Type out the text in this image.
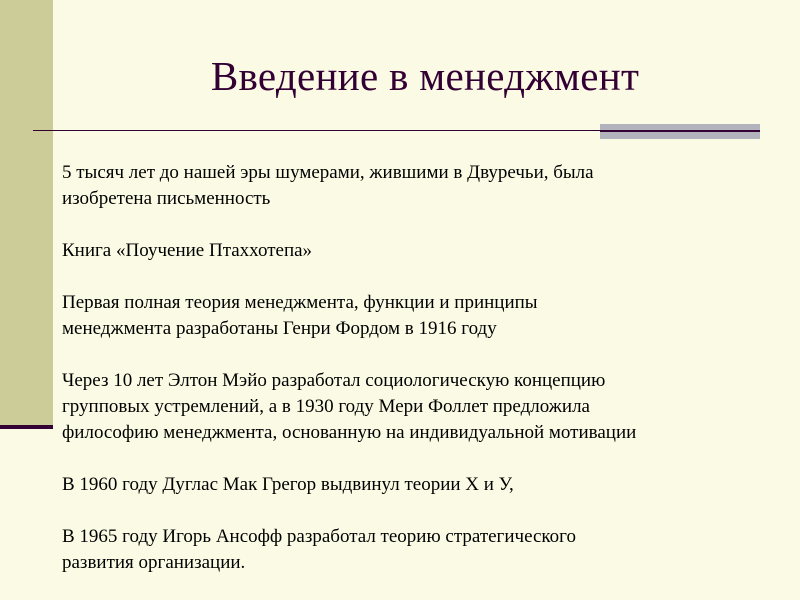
Введение в менеджмент

5 тысяч лет до нашей эры шумерами, жившими в Двуречьи, была
изобретена письменность

Книга «Поучение Птаххотепа»

Первая полная теория менеджмента, функции и принципы
менеджмента разработаны Генри Фордом в 1916 году

Через 10 лет Элтон Мэйо разработал социологическую концепцию
групповых устремлений, а в 1930 году Мери Фоллет предложила
философию менеджмента, основанную на индивидуальной мотивации

В 1960 году Дуглас Мак Грегор выдвинул теории X и У,

В 1965 году Игорь Ансофф разработал теорию стратегического
развития организации.
